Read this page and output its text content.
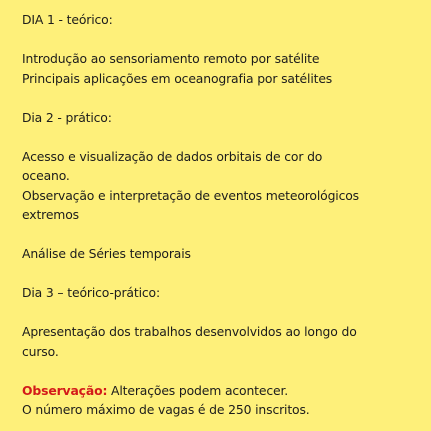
DIA 1 - teórico:
Introdução ao sensoriamento remoto por satélite
Principais aplicações em oceanografia por satélites
Dia 2 - prático:
Acesso e visualização de dados orbitais de cor do
oceano.
Observação e interpretação de eventos meteorológicos
extremos
Análise de Séries temporais
Dia 3 – teórico-prático:
Apresentação dos trabalhos desenvolvidos ao longo do
curso.
Observação: Alterações podem acontecer.
O número máximo de vagas é de 250 inscritos.
